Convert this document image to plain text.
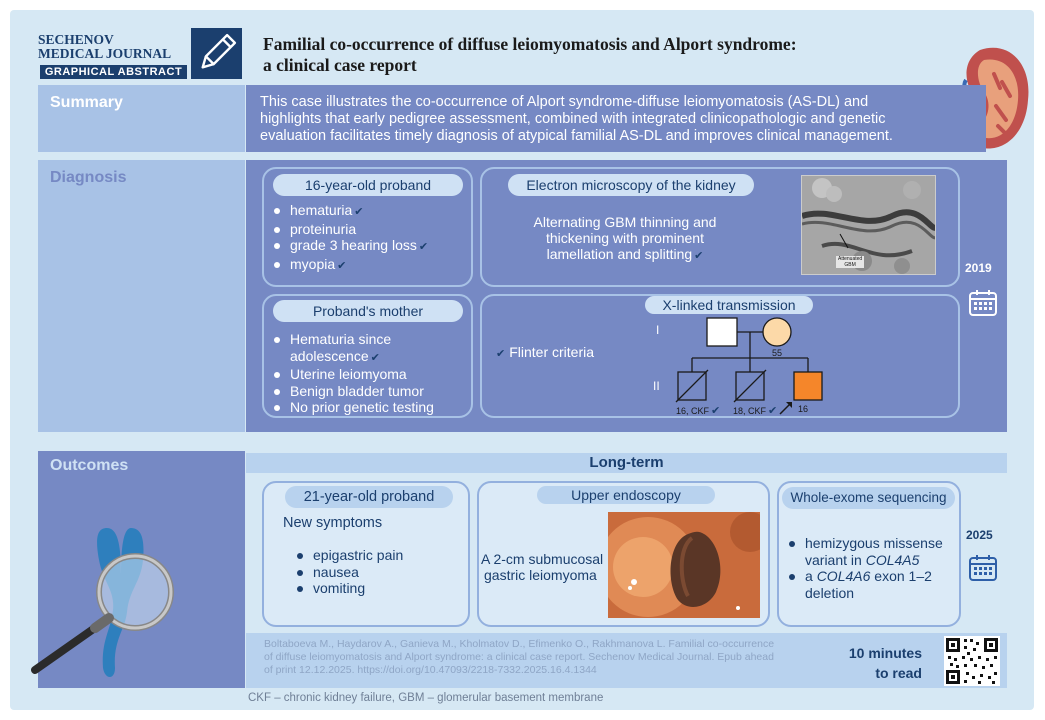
SECHENOV
MEDICAL JOURNAL
GRAPHICAL ABSTRACT
Familial co-occurrence of diffuse leiomyomatosis and Alport syndrome:
a clinical case report
Summary	This case illustrates the co-occurrence of Alport syndrome-diffuse leiomyomatosis (AS-DL) and
highlights that early pedigree assessment, combined with integrated clinicopathologic and genetic
evaluation facilitates timely diagnosis of atypical familial AS-DL and improves clinical management.
Diagnosis	16-year-old proband
hematuria ✔
proteinuria
grade 3 hearing loss ✔
myopia ✔
Electron microscopy of the kidney
Alternating GBM thinning and
thickening with prominent
lamellation and splitting ✔	Attenuated
GBM	2019
Proband's mother
Hematuria since
adolescence ✔
Uterine leiomyoma
Benign bladder tumor
No prior genetic testing
X-linked transmission
✔ Flinter criteria
I
II
55
16, CKF ✔ 18, CKF ✔ 16
Outcomes	Long-term
21-year-old proband
New symptoms
epigastric pain
nausea
vomiting
Upper endoscopy
A 2-cm submucosal
gastric leiomyoma
Whole-exome sequencing
hemizygous missense
variant in COL4A5
a COL4A6 exon 1–2
deletion
2025
Boltaboeva M., Haydarov A., Ganieva M., Kholmatov D., Efimenko O., Rakhmanova L. Familial co-occurrence
of diffuse leiomyomatosis and Alport syndrome: a clinical case report. Sechenov Medical Journal. Epub ahead
of print 12.12.2025. https://doi.org/10.47093/2218-7332.2025.16.4.1344
10 minutes
to read
CKF – chronic kidney failure, GBM – glomerular basement membrane
